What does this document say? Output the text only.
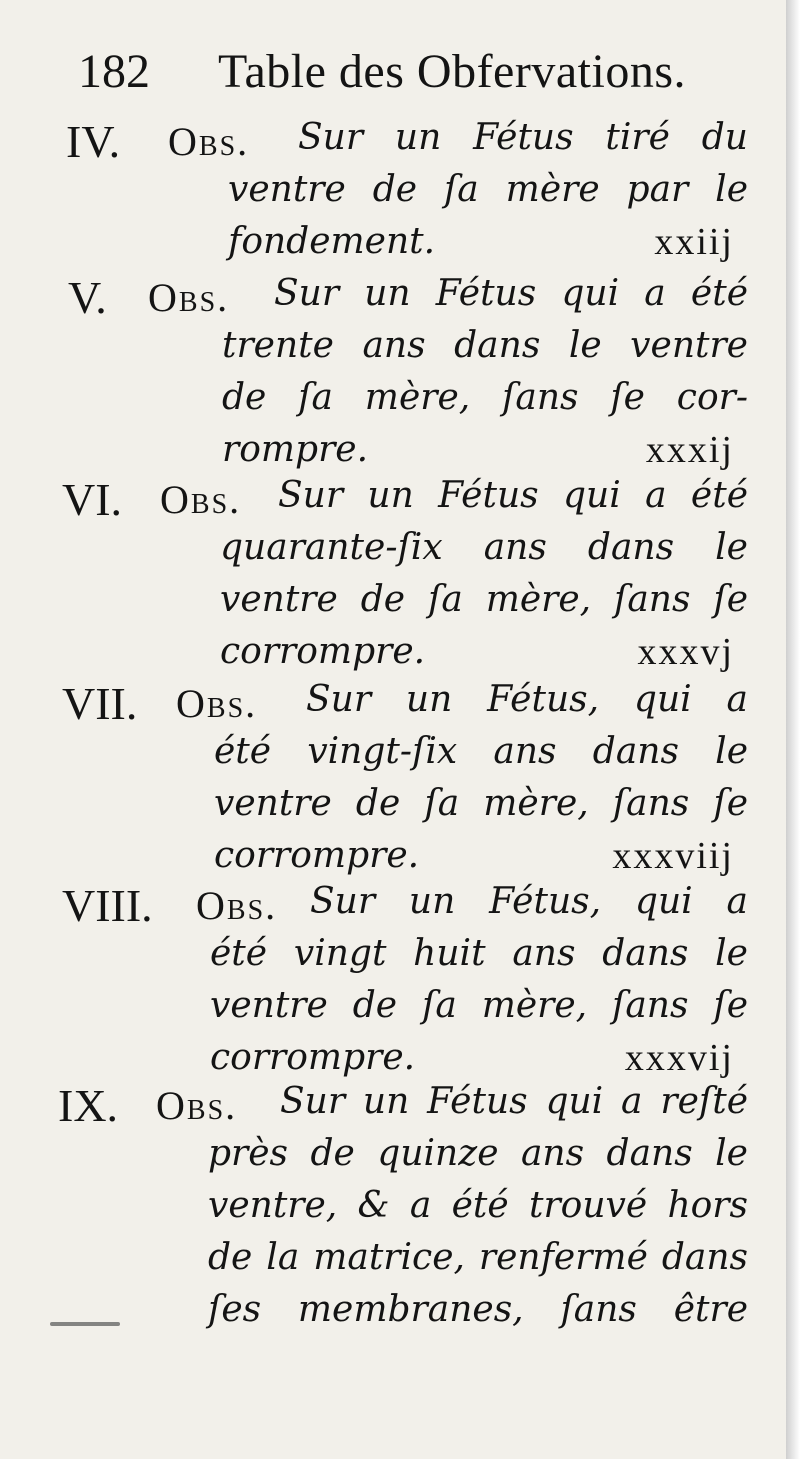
182 Table des Obfervations.
IV. Obs. Sur un Fétus tiré du
ventre de ſa mère par le
fondement.	xxiij
V. Obs. Sur un Fétus qui a été
trente ans dans le ventre
de ſa mère, ſans ſe cor-
rompre.	xxxij
VI. Obs. Sur un Fétus qui a été
quarante-ſix ans dans le
ventre de ſa mère, ſans ſe
corrompre.	xxxvj
VII. Obs. Sur un Fétus, qui a
été vingt-ſix ans dans le
ventre de ſa mère, ſans ſe
corrompre.	xxxviij
VIII. Obs. Sur un Fétus, qui a
été vingt huit ans dans le
ventre de ſa mère, ſans ſe
corrompre.	xxxvij
IX. Obs. Sur un Fétus qui a reſté
près de quinze ans dans le
ventre, & a été trouvé hors
de la matrice, renfermé dans
ſes membranes, ſans être
